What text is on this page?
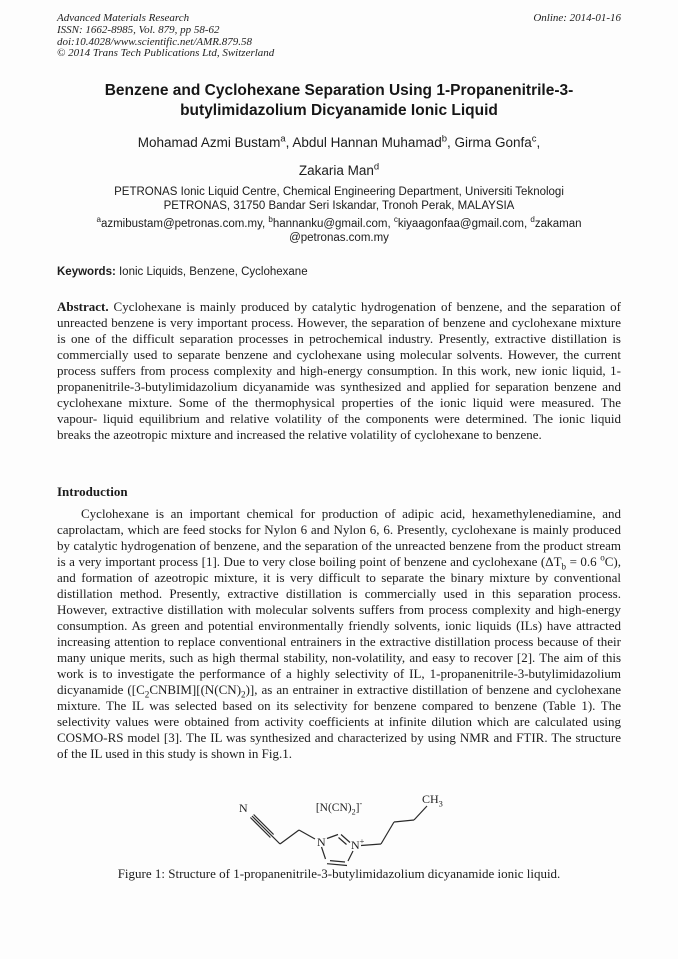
Advanced Materials Research
ISSN: 1662-8985, Vol. 879, pp 58-62
doi:10.4028/www.scientific.net/AMR.879.58
© 2014 Trans Tech Publications Ltd, Switzerland
Online: 2014-01-16
Benzene and Cyclohexane Separation Using 1-Propanenitrile-3-
butylimidazolium Dicyanamide Ionic Liquid
Mohamad Azmi Bustam$^a$, Abdul Hannan Muhamad$^b$, Girma Gonfa$^c$,
Zakaria Man$^d$
PETRONAS Ionic Liquid Centre, Chemical Engineering Department, Universiti Teknologi
PETRONAS, 31750 Bandar Seri Iskandar, Tronoh Perak, MALAYSIA
$^a$azmibustam@petronas.com.my, $^b$hannanku@gmail.com, $^c$kiyaagonfaa@gmail.com, $^d$zakaman
@petronas.com.my
Keywords: Ionic Liquids, Benzene, Cyclohexane

Abstract. Cyclohexane is mainly produced by catalytic hydrogenation of benzene, and the separation of unreacted benzene is very important process. However, the separation of benzene and cyclohexane mixture is one of the difficult separation processes in petrochemical industry. Presently, extractive distillation is commercially used to separate benzene and cyclohexane using molecular solvents. However, the current process suffers from process complexity and high-energy consumption. In this work, new ionic liquid, 1-propanenitrile-3-butylimidazolium dicyanamide was synthesized and applied for separation benzene and cyclohexane mixture. Some of the thermophysical properties of the ionic liquid were measured. The vapour- liquid equilibrium and relative volatility of the components were determined. The ionic liquid breaks the azeotropic mixture and increased the relative volatility of cyclohexane to benzene.

Introduction

Cyclohexane is an important chemical for production of adipic acid, hexamethylenediamine, and caprolactam, which are feed stocks for Nylon 6 and Nylon 6, 6. Presently, cyclohexane is mainly produced by catalytic hydrogenation of benzene, and the separation of the unreacted benzene from the product stream is a very important process [1]. Due to very close boiling point of benzene and cyclohexane ($\Delta T_b = 0.6$ $^o$C), and formation of azeotropic mixture, it is very difficult to separate the binary mixture by conventional distillation method. Presently, extractive distillation is commercially used in this separation process. However, extractive distillation with molecular solvents suffers from process complexity and high-energy consumption. As green and potential environmentally friendly solvents, ionic liquids (ILs) have attracted increasing attention to replace conventional entrainers in the extractive distillation process because of their many unique merits, such as high thermal stability, non-volatility, and easy to recover [2]. The aim of this work is to investigate the performance of a highly selectivity of IL, 1-propanenitrile-3-butylimidazolium dicyanamide ($[C_2CNBIM][(N(CN)_2)]$, as an entrainer in extractive distillation of benzene and cyclohexane mixture. The IL was selected based on its selectivity for benzene compared to benzene (Table 1). The selectivity values were obtained from activity coefficients at infinite dilution which are calculated using COSMO-RS model [3]. The IL was synthesized and characterized by using NMR and FTIR. The structure of the IL used in this study is shown in Fig.1.

N	$[N(CN)_2]^-$
N N+
$CH_3$
Figure 1: Structure of 1-propanenitrile-3-butylimidazolium dicyanamide ionic liquid.
